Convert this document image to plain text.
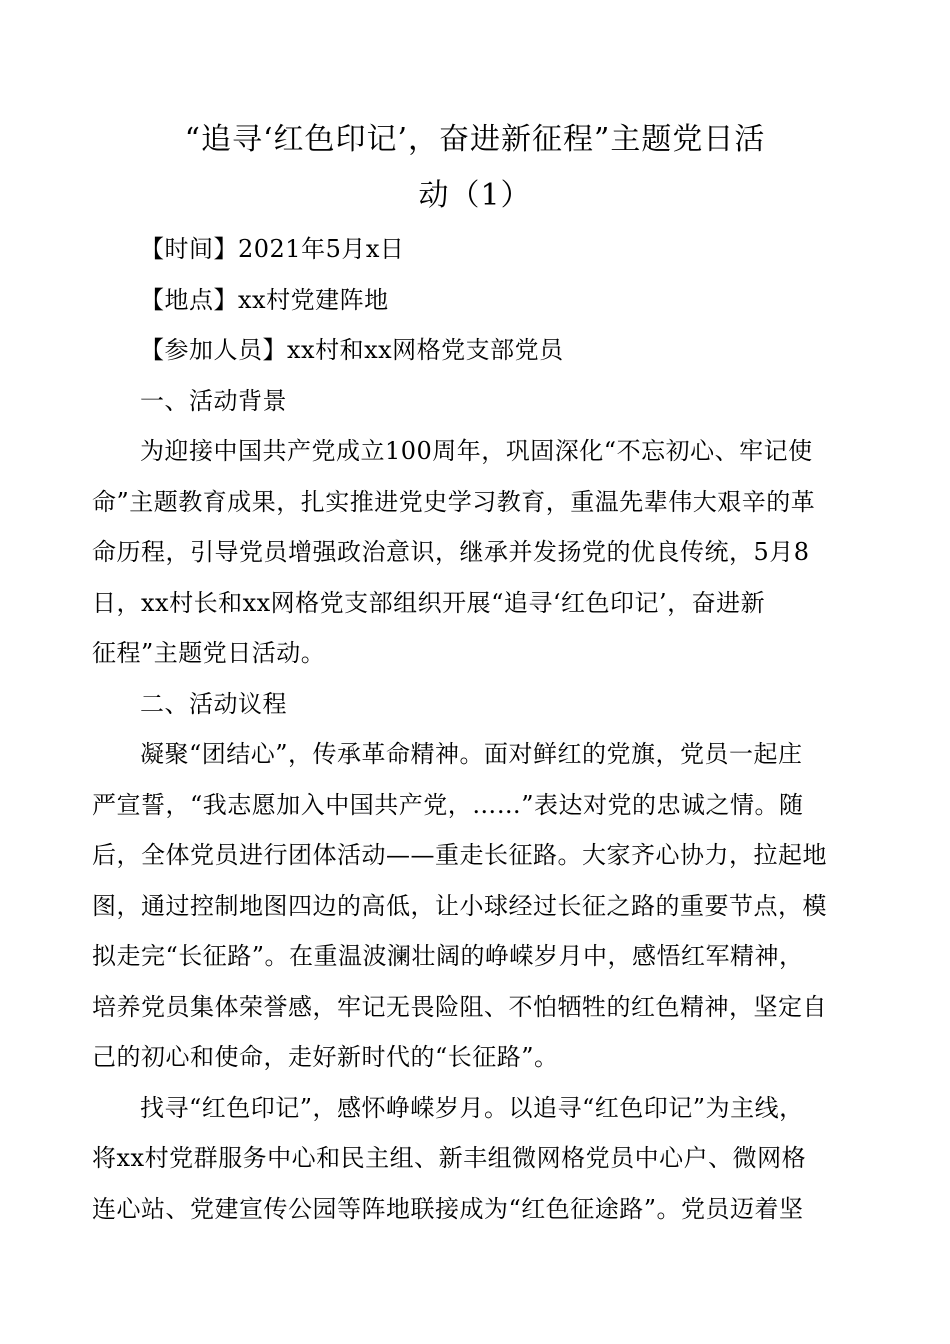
“追寻‘红色印记’，奋进新征程”主题党日活
动（1）
【时间】2021年5月x日
【地点】xx村党建阵地
【参加人员】xx村和xx网格党支部党员
一、活动背景
为迎接中国共产党成立100周年，巩固深化“不忘初心、牢记使
命”主题教育成果，扎实推进党史学习教育，重温先辈伟大艰辛的革
命历程，引导党员增强政治意识，继承并发扬党的优良传统，5月8
日，xx村长和xx网格党支部组织开展“追寻‘红色印记’，奋进新
征程”主题党日活动。
二、活动议程
凝聚“团结心”，传承革命精神。面对鲜红的党旗，党员一起庄
严宣誓，“我志愿加入中国共产党，……”表达对党的忠诚之情。随
后，全体党员进行团体活动——重走长征路。大家齐心协力，拉起地
图，通过控制地图四边的高低，让小球经过长征之路的重要节点，模
拟走完“长征路”。在重温波澜壮阔的峥嵘岁月中，感悟红军精神，
培养党员集体荣誉感，牢记无畏险阻、不怕牺牲的红色精神，坚定自
己的初心和使命，走好新时代的“长征路”。
找寻“红色印记”，感怀峥嵘岁月。以追寻“红色印记”为主线，
将xx村党群服务中心和民主组、新丰组微网格党员中心户、微网格
连心站、党建宣传公园等阵地联接成为“红色征途路”。党员迈着坚
